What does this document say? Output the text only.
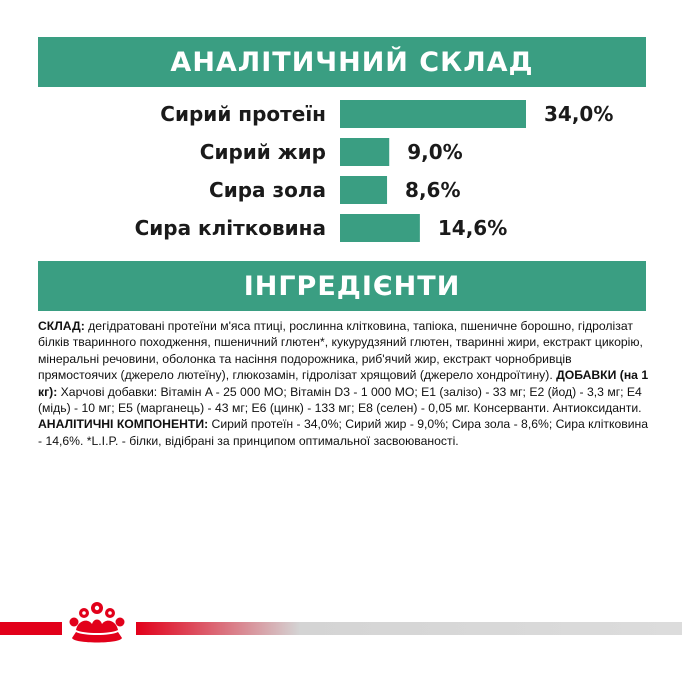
АНАЛІТИЧНИЙ СКЛАД
Сирий протеїн	34,0%
Сирий жир	9,0%
Сира зола	8,6%
Сира клітковина	14,6%
ІНГРЕДІЄНТИ
СКЛАД: дегідратовані протеїни м'яса птиці, рослинна клітковина, тапіока, пшеничне борошно, гідролізат білків тваринного походження, пшеничний глютен*, кукурудзяний глютен, тваринні жири, екстракт цикорію, мінеральні речовини, оболонка та насіння подорожника, риб'ячий жир, екстракт чорнобривців прямостоячих (джерело лютеїну), глюкозамін, гідролізат хрящовий (джерело хондроїтину). ДОБАВКИ (на 1 кг): Харчові добавки: Вітамін A - 25 000 МО; Вітамін D3 - 1 000 МО; E1 (залізо) - 33 мг; E2 (йод) - 3,3 мг; E4 (мідь) - 10 мг; E5 (марганець) - 43 мг; E6 (цинк) - 133 мг; E8 (селен) - 0,05 мг. Консерванти. Антиоксиданти. АНАЛІТИЧНІ КОМПОНЕНТИ: Сирий протеїн - 34,0%; Сирий жир - 9,0%; Сира зола - 8,6%; Сира клітковина - 14,6%. *L.I.P. - білки, відібрані за принципом оптимальної засвоюваності.
